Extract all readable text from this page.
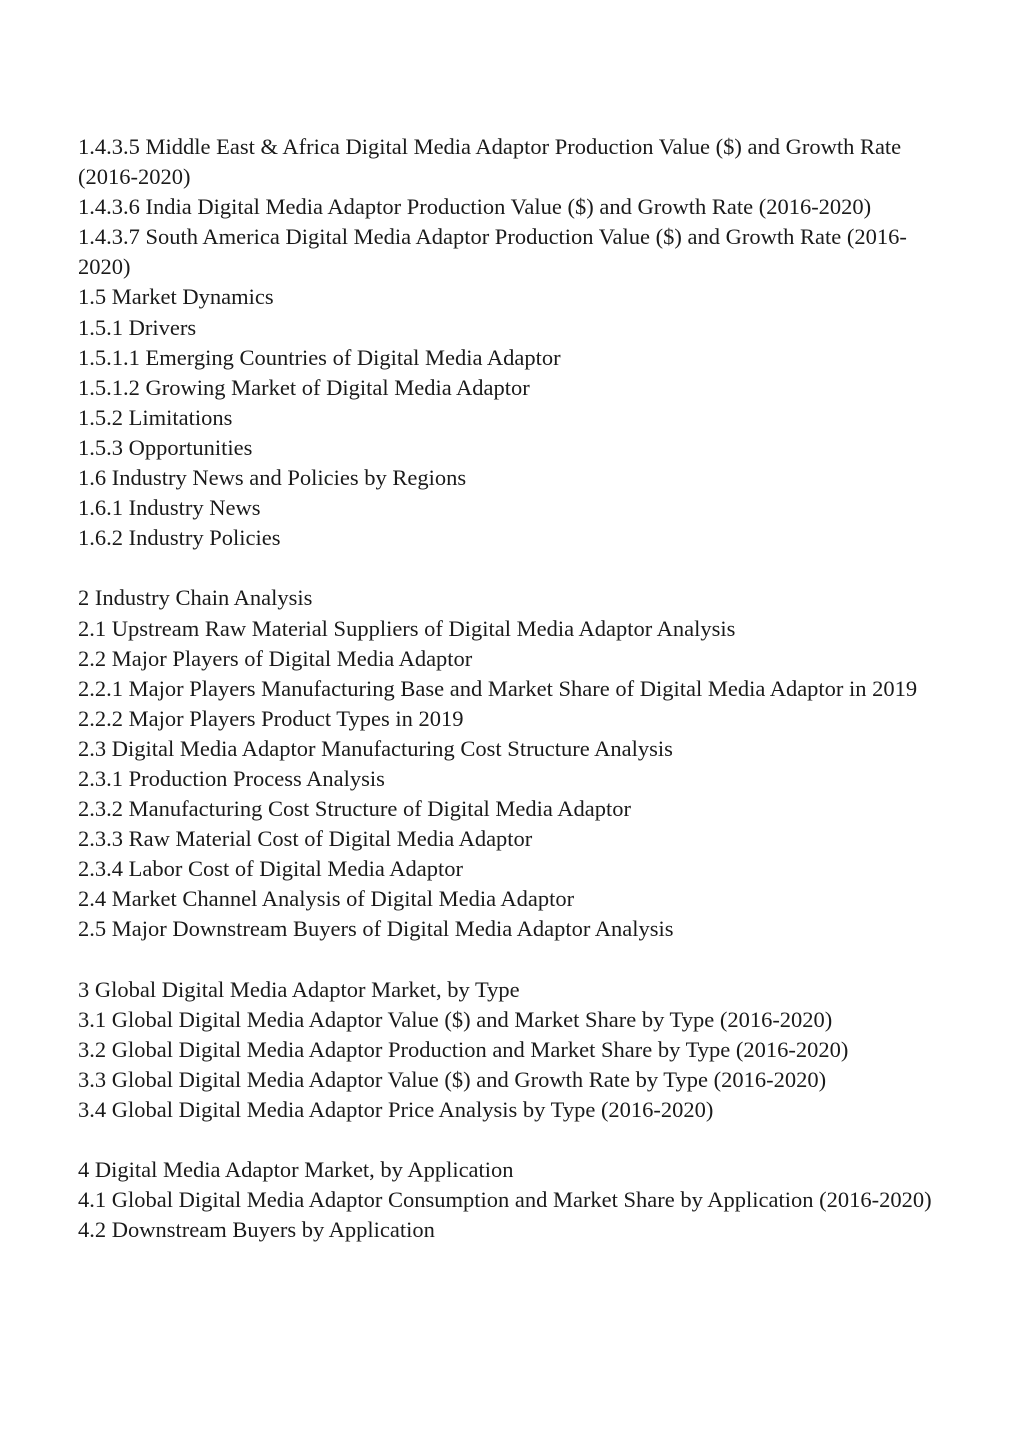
1.4.3.5 Middle East & Africa Digital Media Adaptor Production Value ($) and Growth Rate (2016-2020)
1.4.3.6 India Digital Media Adaptor Production Value ($) and Growth Rate (2016-2020)
1.4.3.7 South America Digital Media Adaptor Production Value ($) and Growth Rate (2016-2020)
1.5 Market Dynamics
1.5.1 Drivers
1.5.1.1 Emerging Countries of Digital Media Adaptor
1.5.1.2 Growing Market of Digital Media Adaptor
1.5.2 Limitations
1.5.3 Opportunities
1.6 Industry News and Policies by Regions
1.6.1 Industry News
1.6.2 Industry Policies
2 Industry Chain Analysis
2.1 Upstream Raw Material Suppliers of Digital Media Adaptor Analysis
2.2 Major Players of Digital Media Adaptor
2.2.1 Major Players Manufacturing Base and Market Share of Digital Media Adaptor in 2019
2.2.2 Major Players Product Types in 2019
2.3 Digital Media Adaptor Manufacturing Cost Structure Analysis
2.3.1 Production Process Analysis
2.3.2 Manufacturing Cost Structure of Digital Media Adaptor
2.3.3 Raw Material Cost of Digital Media Adaptor
2.3.4 Labor Cost of Digital Media Adaptor
2.4 Market Channel Analysis of Digital Media Adaptor
2.5 Major Downstream Buyers of Digital Media Adaptor Analysis
3 Global Digital Media Adaptor Market, by Type
3.1 Global Digital Media Adaptor Value ($) and Market Share by Type (2016-2020)
3.2 Global Digital Media Adaptor Production and Market Share by Type (2016-2020)
3.3 Global Digital Media Adaptor Value ($) and Growth Rate by Type (2016-2020)
3.4 Global Digital Media Adaptor Price Analysis by Type (2016-2020)
4 Digital Media Adaptor Market, by Application
4.1 Global Digital Media Adaptor Consumption and Market Share by Application (2016-2020)
4.2 Downstream Buyers by Application
